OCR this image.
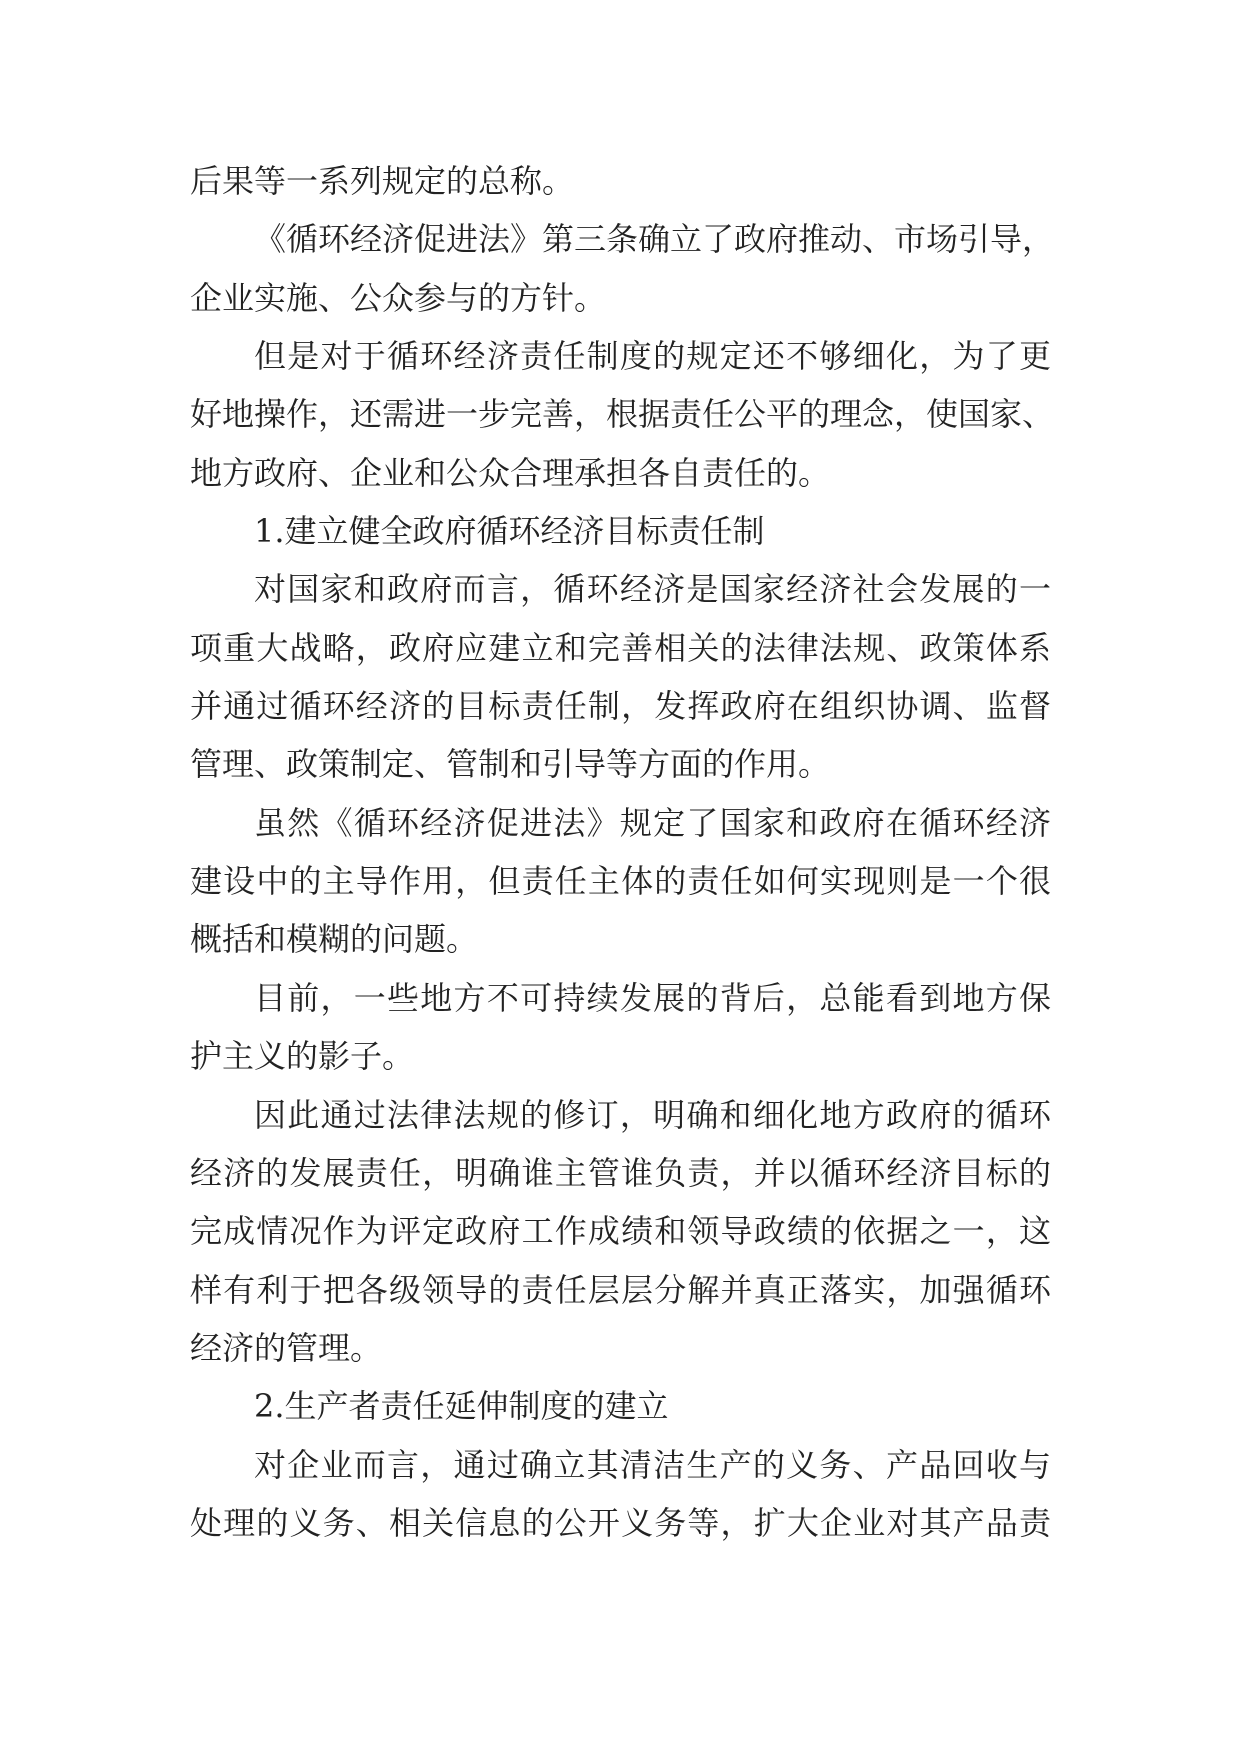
后果等一系列规定的总称。
《循环经济促进法》第三条确立了政府推动、市场引导，
企业实施、公众参与的方针。
但是对于循环经济责任制度的规定还不够细化，为了更
好地操作，还需进一步完善，根据责任公平的理念，使国家、
地方政府、企业和公众合理承担各自责任的。
1.建立健全政府循环经济目标责任制
对国家和政府而言，循环经济是国家经济社会发展的一
项重大战略，政府应建立和完善相关的法律法规、政策体系
并通过循环经济的目标责任制，发挥政府在组织协调、监督
管理、政策制定、管制和引导等方面的作用。
虽然《循环经济促进法》规定了国家和政府在循环经济
建设中的主导作用，但责任主体的责任如何实现则是一个很
概括和模糊的问题。
目前，一些地方不可持续发展的背后，总能看到地方保
护主义的影子。
因此通过法律法规的修订，明确和细化地方政府的循环
经济的发展责任，明确谁主管谁负责，并以循环经济目标的
完成情况作为评定政府工作成绩和领导政绩的依据之一，这
样有利于把各级领导的责任层层分解并真正落实，加强循环
经济的管理。
2.生产者责任延伸制度的建立
对企业而言，通过确立其清洁生产的义务、产品回收与
处理的义务、相关信息的公开义务等，扩大企业对其产品责
